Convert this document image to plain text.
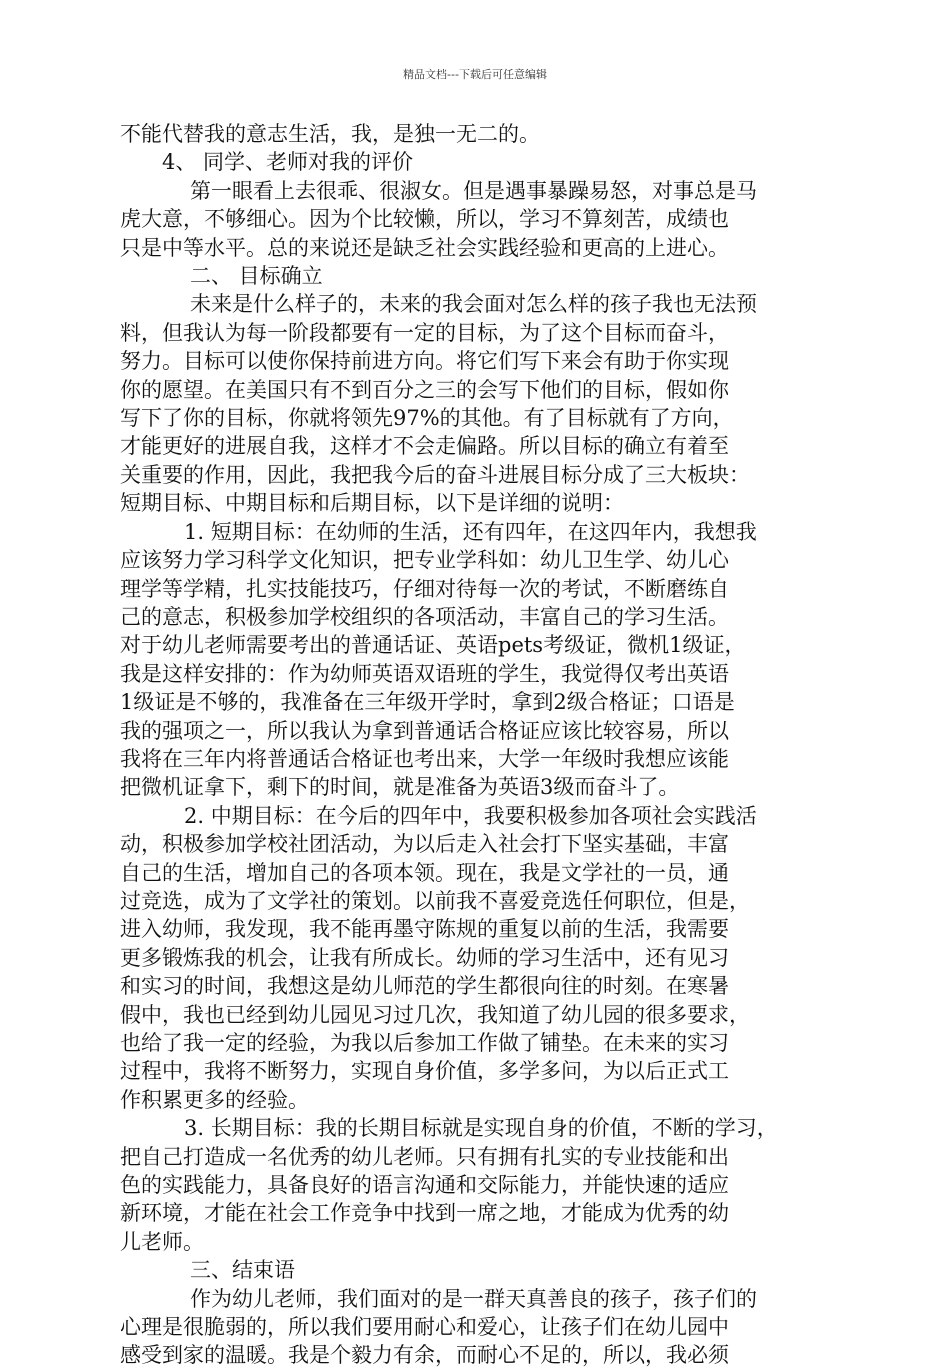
精品文档---下载后可任意编辑
不能代替我的意志生活，我，是独一无二的。
4、 同学、老师对我的评价
第一眼看上去很乖、很淑女。但是遇事暴躁易怒，对事总是马
虎大意，不够细心。因为个比较懒，所以，学习不算刻苦，成绩也
只是中等水平。总的来说还是缺乏社会实践经验和更高的上进心。
二、 目标确立
未来是什么样子的，未来的我会面对怎么样的孩子我也无法预
料，但我认为每一阶段都要有一定的目标，为了这个目标而奋斗，
努力。目标可以使你保持前进方向。将它们写下来会有助于你实现
你的愿望。在美国只有不到百分之三的会写下他们的目标，假如你
写下了你的目标，你就将领先97%的其他。有了目标就有了方向，
才能更好的进展自我，这样才不会走偏路。所以目标的确立有着至
关重要的作用，因此，我把我今后的奋斗进展目标分成了三大板块：
短期目标、中期目标和后期目标，以下是详细的说明：
1. 短期目标：在幼师的生活，还有四年，在这四年内，我想我
应该努力学习科学文化知识，把专业学科如：幼儿卫生学、幼儿心
理学等学精，扎实技能技巧，仔细对待每一次的考试，不断磨练自
己的意志，积极参加学校组织的各项活动，丰富自己的学习生活。
对于幼儿老师需要考出的普通话证、英语pets考级证，微机1级证，
我是这样安排的：作为幼师英语双语班的学生，我觉得仅考出英语
1级证是不够的，我准备在三年级开学时，拿到2级合格证；口语是
我的强项之一，所以我认为拿到普通话合格证应该比较容易，所以
我将在三年内将普通话合格证也考出来，大学一年级时我想应该能
把微机证拿下，剩下的时间，就是准备为英语3级而奋斗了。
2. 中期目标：在今后的四年中，我要积极参加各项社会实践活
动，积极参加学校社团活动，为以后走入社会打下坚实基础，丰富
自己的生活，增加自己的各项本领。现在，我是文学社的一员，通
过竞选，成为了文学社的策划。以前我不喜爱竞选任何职位，但是，
进入幼师，我发现，我不能再墨守陈规的重复以前的生活，我需要
更多锻炼我的机会，让我有所成长。幼师的学习生活中，还有见习
和实习的时间，我想这是幼儿师范的学生都很向往的时刻。在寒暑
假中，我也已经到幼儿园见习过几次，我知道了幼儿园的很多要求，
也给了我一定的经验，为我以后参加工作做了铺垫。在未来的实习
过程中，我将不断努力，实现自身价值，多学多问，为以后正式工
作积累更多的经验。
3. 长期目标：我的长期目标就是实现自身的价值，不断的学习，
把自己打造成一名优秀的幼儿老师。只有拥有扎实的专业技能和出
色的实践能力，具备良好的语言沟通和交际能力，并能快速的适应
新环境，才能在社会工作竞争中找到一席之地，才能成为优秀的幼
儿老师。
三、结束语
作为幼儿老师，我们面对的是一群天真善良的孩子，孩子们的
心理是很脆弱的，所以我们要用耐心和爱心，让孩子们在幼儿园中
感受到家的温暖。我是个毅力有余，而耐心不足的，所以，我必须
